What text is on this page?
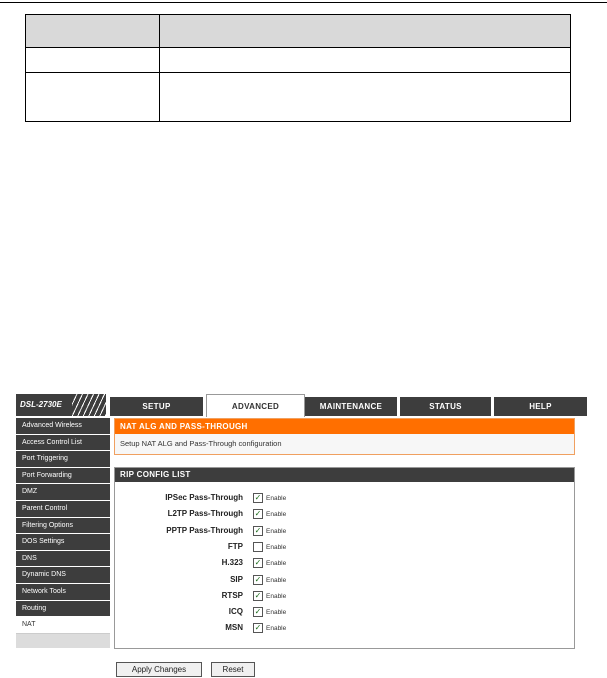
DSL-2730E	SETUP	ADVANCED	MAINTENANCE	STATUS	HELP
Advanced Wireless
Access Control List
Port Triggering
Port Forwarding
DMZ
Parent Control
Filtering Options
DOS Settings
DNS
Dynamic DNS
Network Tools
Routing
NAT
NAT ALG AND PASS-THROUGH
Setup NAT ALG and Pass-Through configuration
RIP CONFIG LIST
IPSec Pass-Through ✓ Enable
L2TP Pass-Through ✓ Enable
PPTP Pass-Through ✓ Enable
FTP	Enable
H.323 ✓ Enable
SIP ✓ Enable
RTSP ✓ Enable
ICQ ✓ Enable
MSN ✓ Enable
Apply Changes	Reset
